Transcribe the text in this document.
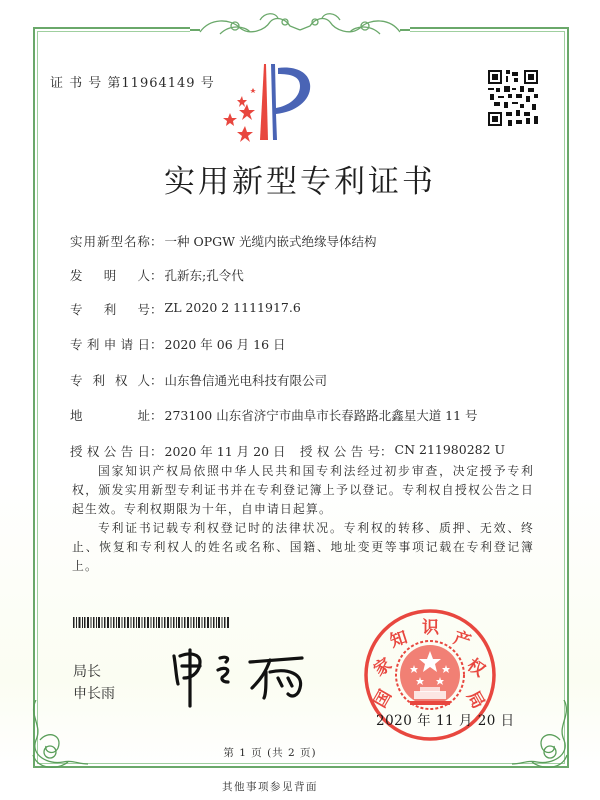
证 书 号 第11964149 号
实用新型专利证书
实 用 新 型 名 称 ： 一种 OPGW 光缆内嵌式绝缘导体结构
发 明 人 ： 孔新东;孔令代
专 利 号 ： ZL 2020 2 1111917.6
专 利 申 请 日 ： 2020 年 06 月 16 日
专 利 权 人 ： 山东鲁信通光电科技有限公司
地	址 ： 273100 山东省济宁市曲阜市长春路路北鑫星大道 11 号
授 权 公 告 日 ： 2020 年 11 月 20 日 授 权 公 告 号 ： CN 211980282 U

国家知识产权局依照中华人民共和国专利法经过初步审查，决定授予专利权，颁发实用新型专利证书并在专利登记簿上予以登记。专利权自授权公告之日起生效。专利权期限为十年，自申请日起算。

专利证书记载专利权登记时的法律状况。专利权的转移、质押、无效、终止、恢复和专利权人的姓名或名称、国籍、地址变更等事项记载在专利登记簿上。

局长
申长雨	国
家
知 识 产
权
局
2020 年 11 月 20 日
第 1 页 (共 2 页)
其他事项参见背面
